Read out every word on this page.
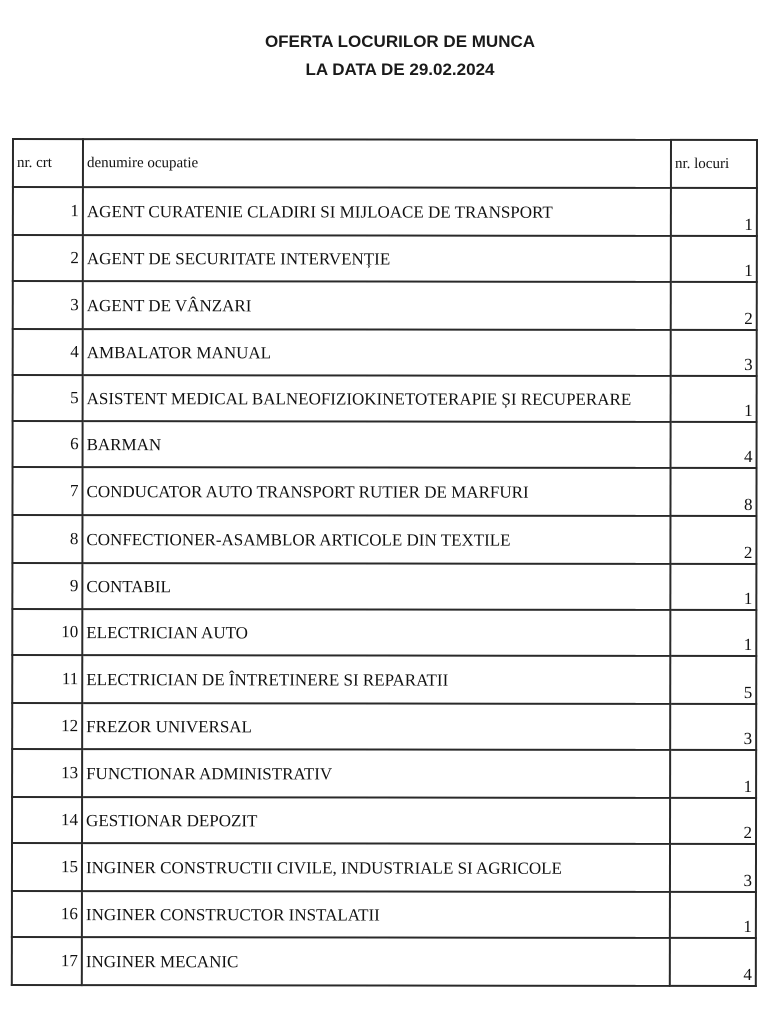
OFERTA LOCURILOR DE MUNCA
LA DATA DE 29.02.2024
nr. crt	denumire ocupatie	nr. locuri
1	AGENT CURATENIE CLADIRI SI MIJLOACE DE TRANSPORT	1
2	AGENT DE SECURITATE INTERVENȚIE	1
3	AGENT DE VÂNZARI	2
4	AMBALATOR MANUAL	3
5	ASISTENT MEDICAL BALNEOFIZIOKINETOTERAPIE ȘI RECUPERARE	1
6	BARMAN	4
7	CONDUCATOR AUTO TRANSPORT RUTIER DE MARFURI	8
8	CONFECTIONER-ASAMBLOR ARTICOLE DIN TEXTILE	2
9	CONTABIL	1
10	ELECTRICIAN AUTO	1
11	ELECTRICIAN DE ÎNTRETINERE SI REPARATII	5
12	FREZOR UNIVERSAL	3
13	FUNCTIONAR ADMINISTRATIV	1
14	GESTIONAR DEPOZIT	2
15	INGINER CONSTRUCTII CIVILE, INDUSTRIALE SI AGRICOLE	3
16	INGINER CONSTRUCTOR INSTALATII	1
17	INGINER MECANIC	4
